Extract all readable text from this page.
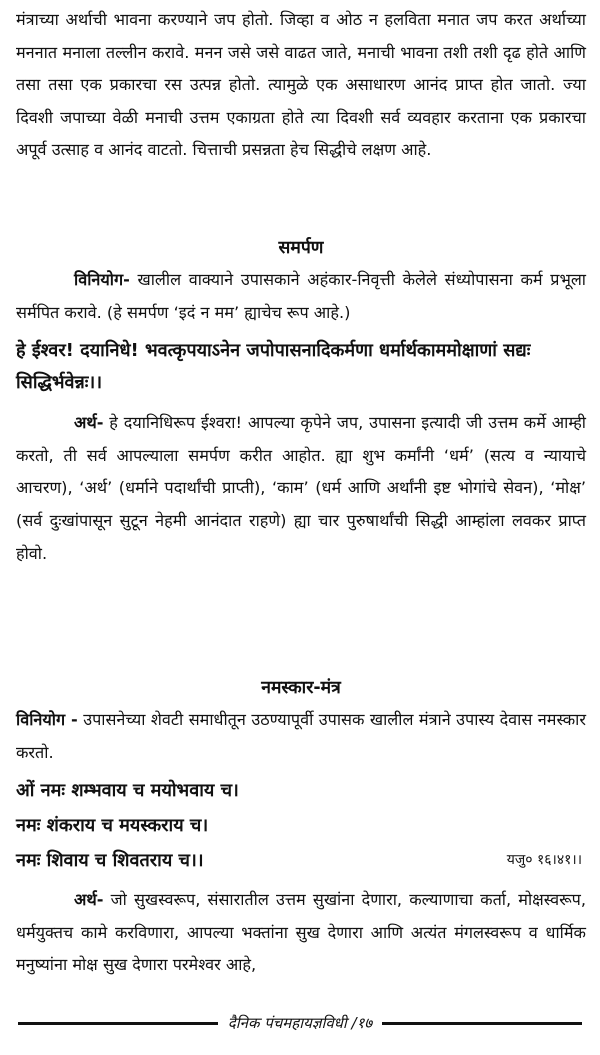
मंत्राच्या अर्थाची भावना करण्याने जप होतो. जिव्हा व ओठ न हलविता मनात जप करत अर्थाच्या मननात मनाला तल्लीन करावे. मनन जसे जसे वाढत जाते, मनाची भावना तशी तशी दृढ होते आणि तसा तसा एक प्रकारचा रस उत्पन्न होतो. त्यामुळे एक असाधारण आनंद प्राप्त होत जातो. ज्या दिवशी जपाच्या वेळी मनाची उत्तम एकाग्रता होते त्या दिवशी सर्व व्यवहार करताना एक प्रकारचा अपूर्व उत्साह व आनंद वाटतो. चित्ताची प्रसन्नता हेच सिद्धीचे लक्षण आहे.

समर्पण

विनियोग- खालील वाक्याने उपासकाने अहंकार-निवृत्ती केलेले संध्योपासना कर्म प्रभूला सर्मपित करावे. (हे समर्पण ‘इदं न मम’ ह्याचेच रूप आहे.)

हे ईश्वर! दयानिधे! भवत्कृपयाऽनेन जपोपासनादिकर्मणा धर्मार्थकाममोक्षाणां सद्यः सिद्धिर्भवेन्नः।।

अर्थ- हे दयानिधिरूप ईश्वरा! आपल्या कृपेने जप, उपासना इत्यादी जी उत्तम कर्मे आम्ही करतो, ती सर्व आपल्याला समर्पण करीत आहोत. ह्या शुभ कर्मांनी ‘धर्म’ (सत्य व न्यायाचे आचरण), ‘अर्थ’ (धर्माने पदार्थांची प्राप्ती), ‘काम’ (धर्म आणि अर्थांनी इष्ट भोगांचे सेवन), ‘मोक्ष’ (सर्व दुःखांपासून सुटून नेहमी आनंदात राहणे) ह्या चार पुरुषार्थांची सिद्धी आम्हांला लवकर प्राप्त होवो.

नमस्कार-मंत्र

विनियोग - उपासनेच्या शेवटी समाधीतून उठण्यापूर्वी उपासक खालील मंत्राने उपास्य देवास नमस्कार करतो.

ओं नमः शम्भवाय च मयोभवाय च।

नमः शंकराय च मयस्कराय च।

नमः शिवाय च शिवतराय च।।	यजु० १६।४१।।

अर्थ- जो सुखस्वरूप, संसारातील उत्तम सुखांना देणारा, कल्याणाचा कर्ता, मोक्षस्वरूप, धर्मयुक्तच कामे करविणारा, आपल्या भक्तांना सुख देणारा आणि अत्यंत मंगलस्वरूप व धार्मिक मनुष्यांना मोक्ष सुख देणारा परमेश्वर आहे,

दैनिक पंचमहायज्ञविधी /१७
